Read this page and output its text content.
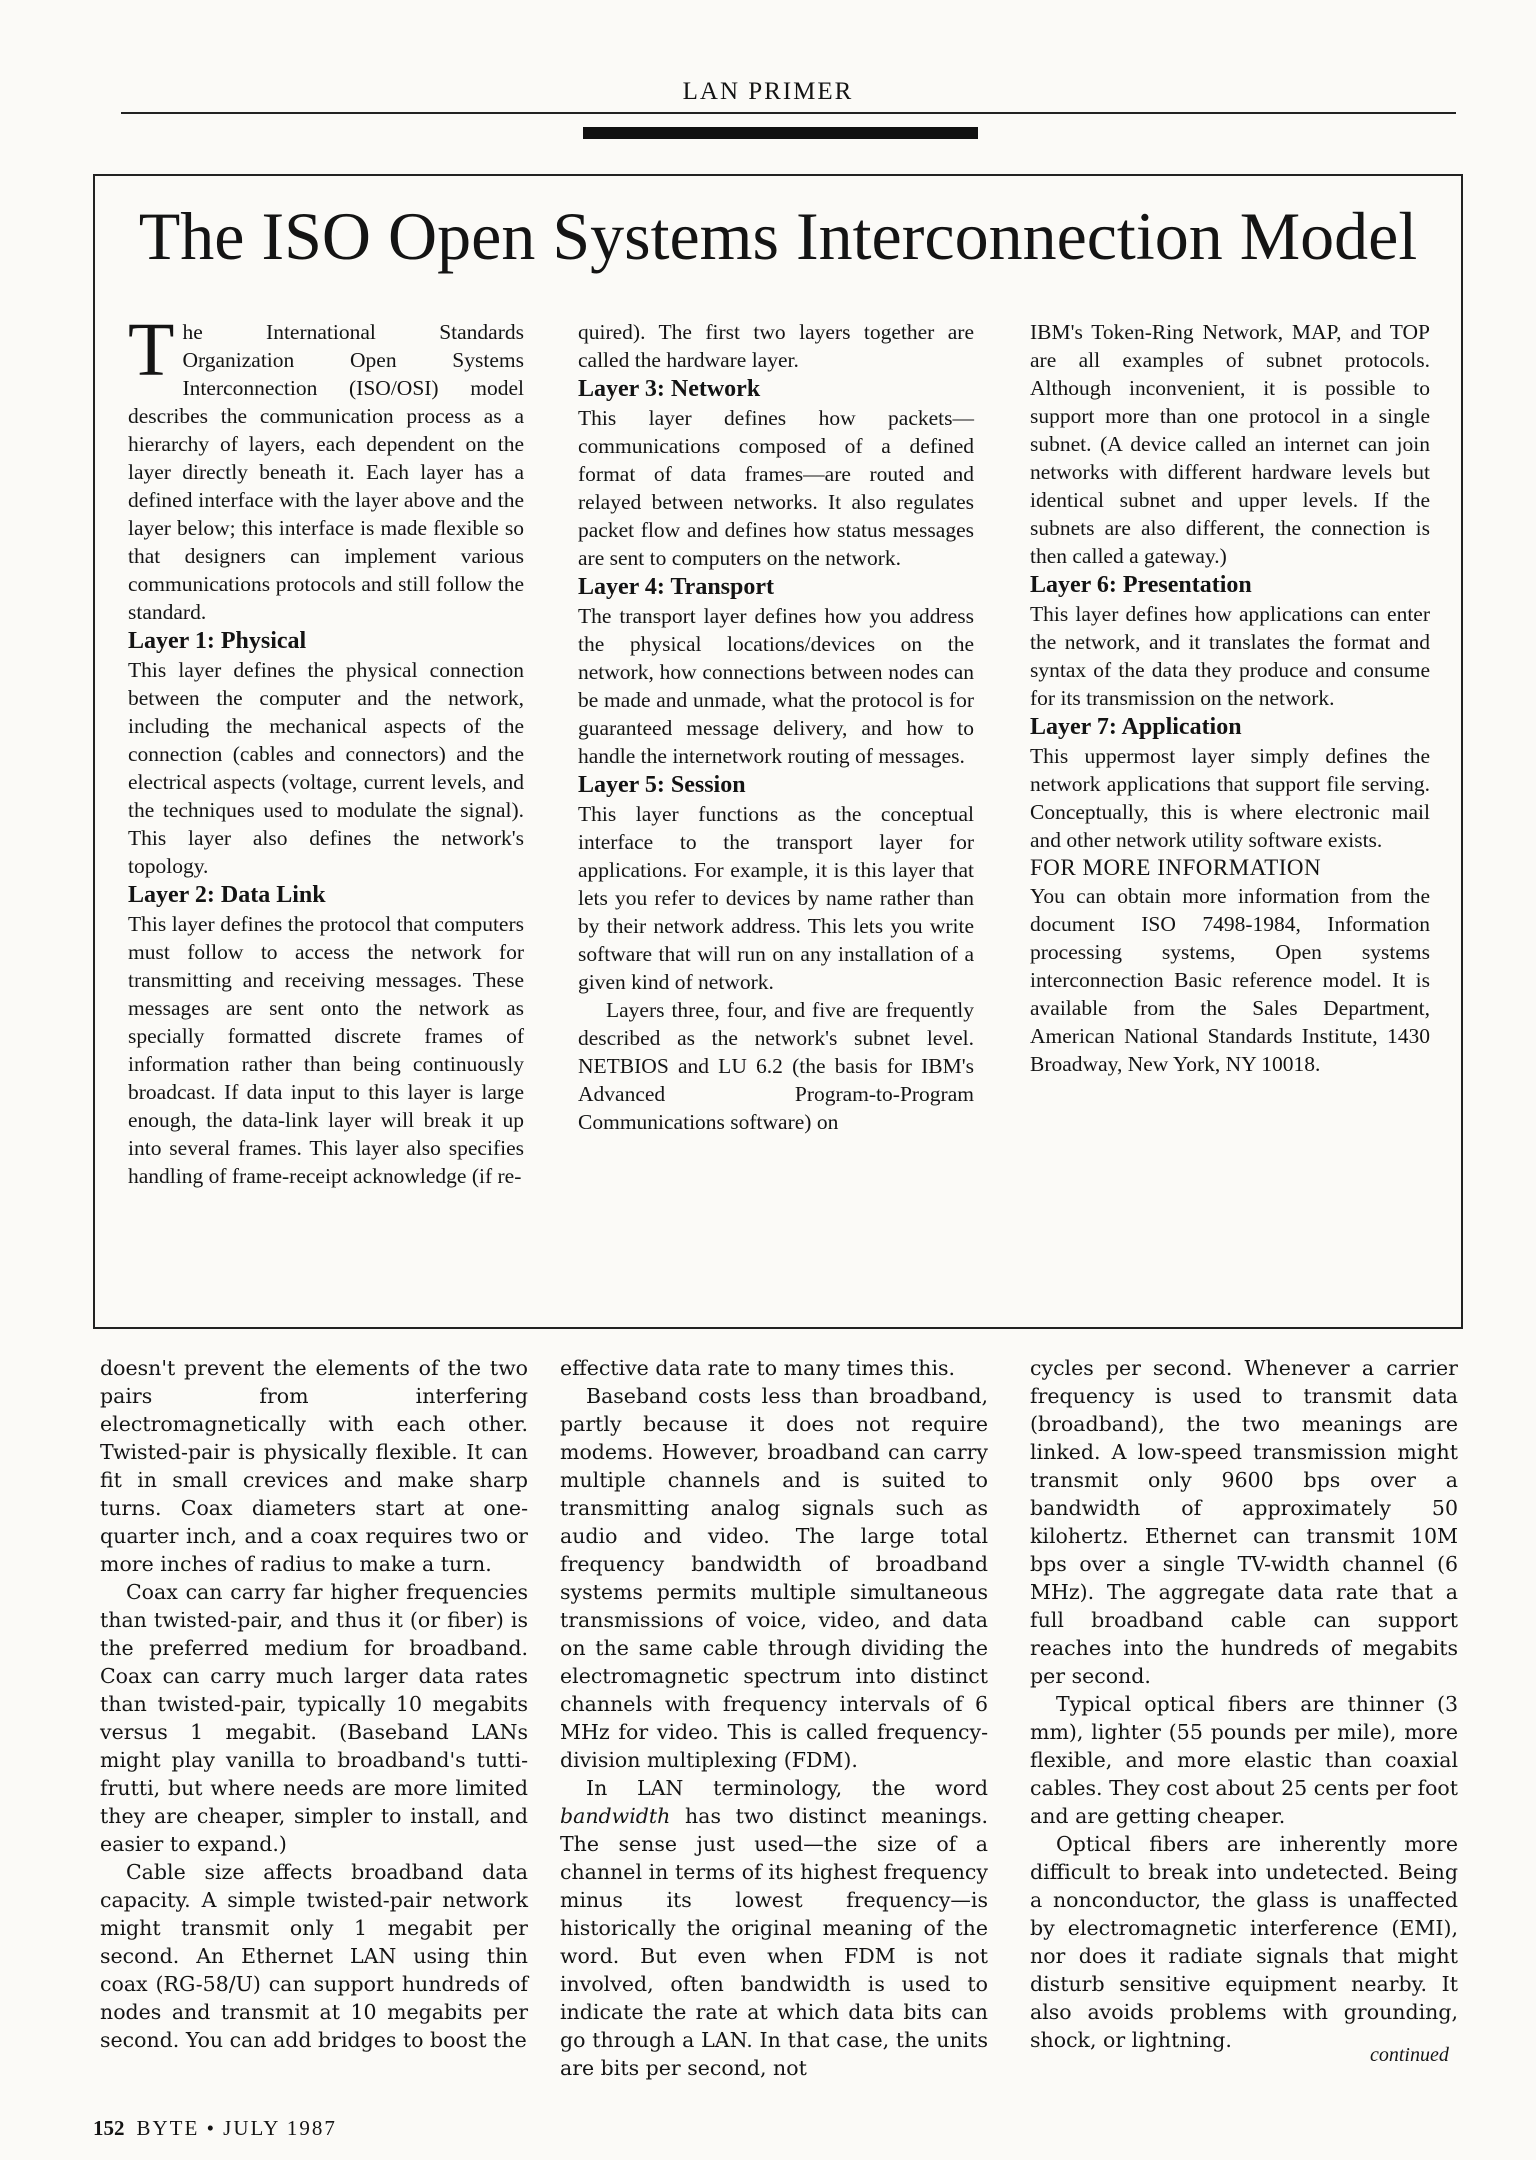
LAN PRIMER
The ISO Open Systems Interconnection Model

The International Standards Organization Open Systems Interconnection (ISO/OSI) model describes the communication process as a hierarchy of layers, each dependent on the layer directly beneath it. Each layer has a defined interface with the layer above and the layer below; this interface is made flexible so that designers can implement various communications protocols and still follow the standard.

Layer 1: Physical

This layer defines the physical connection between the computer and the network, including the mechanical aspects of the connection (cables and connectors) and the electrical aspects (voltage, current levels, and the techniques used to modulate the signal). This layer also defines the network's topology.

Layer 2: Data Link

This layer defines the protocol that computers must follow to access the network for transmitting and receiving messages. These messages are sent onto the network as specially formatted discrete frames of information rather than being continuously broadcast. If data input to this layer is large enough, the data-link layer will break it up into several frames. This layer also specifies handling of frame-receipt acknowledge (if re-

quired). The first two layers together are called the hardware layer.

Layer 3: Network

This layer defines how packets—communications composed of a defined format of data frames—are routed and relayed between networks. It also regulates packet flow and defines how status messages are sent to computers on the network.

Layer 4: Transport

The transport layer defines how you address the physical locations/devices on the network, how connections between nodes can be made and unmade, what the protocol is for guaranteed message delivery, and how to handle the internetwork routing of messages.

Layer 5: Session

This layer functions as the conceptual interface to the transport layer for applications. For example, it is this layer that lets you refer to devices by name rather than by their network address. This lets you write software that will run on any installation of a given kind of network.

Layers three, four, and five are frequently described as the network's subnet level. NETBIOS and LU 6.2 (the basis for IBM's Advanced Program-to-Program Communications software) on

IBM's Token-Ring Network, MAP, and TOP are all examples of subnet protocols. Although inconvenient, it is possible to support more than one protocol in a single subnet. (A device called an internet can join networks with different hardware levels but identical subnet and upper levels. If the subnets are also different, the connection is then called a gateway.)

Layer 6: Presentation

This layer defines how applications can enter the network, and it translates the format and syntax of the data they produce and consume for its transmission on the network.

Layer 7: Application

This uppermost layer simply defines the network applications that support file serving. Conceptually, this is where electronic mail and other network utility software exists.

FOR MORE INFORMATION

You can obtain more information from the document ISO 7498-1984, Information processing systems, Open systems interconnection Basic reference model. It is available from the Sales Department, American National Standards Institute, 1430 Broadway, New York, NY 10018.

doesn't prevent the elements of the two pairs from interfering electromagnetically with each other. Twisted-pair is physically flexible. It can fit in small crevices and make sharp turns. Coax diameters start at one-quarter inch, and a coax requires two or more inches of radius to make a turn.

Coax can carry far higher frequencies than twisted-pair, and thus it (or fiber) is the preferred medium for broadband. Coax can carry much larger data rates than twisted-pair, typically 10 megabits versus 1 megabit. (Baseband LANs might play vanilla to broadband's tutti-frutti, but where needs are more limited they are cheaper, simpler to install, and easier to expand.)

Cable size affects broadband data capacity. A simple twisted-pair network might transmit only 1 megabit per second. An Ethernet LAN using thin coax (RG-58/U) can support hundreds of nodes and transmit at 10 megabits per second. You can add bridges to boost the

effective data rate to many times this.

Baseband costs less than broadband, partly because it does not require modems. However, broadband can carry multiple channels and is suited to transmitting analog signals such as audio and video. The large total frequency bandwidth of broadband systems permits multiple simultaneous transmissions of voice, video, and data on the same cable through dividing the electromagnetic spectrum into distinct channels with frequency intervals of 6 MHz for video. This is called frequency-division multiplexing (FDM).

In LAN terminology, the word bandwidth has two distinct meanings. The sense just used—the size of a channel in terms of its highest frequency minus its lowest frequency—is historically the original meaning of the word. But even when FDM is not involved, often bandwidth is used to indicate the rate at which data bits can go through a LAN. In that case, the units are bits per second, not

cycles per second. Whenever a carrier frequency is used to transmit data (broadband), the two meanings are linked. A low-speed transmission might transmit only 9600 bps over a bandwidth of approximately 50 kilohertz. Ethernet can transmit 10M bps over a single TV-width channel (6 MHz). The aggregate data rate that a full broadband cable can support reaches into the hundreds of megabits per second.

Typical optical fibers are thinner (3 mm), lighter (55 pounds per mile), more flexible, and more elastic than coaxial cables. They cost about 25 cents per foot and are getting cheaper.

Optical fibers are inherently more difficult to break into undetected. Being a nonconductor, the glass is unaffected by electromagnetic interference (EMI), nor does it radiate signals that might disturb sensitive equipment nearby. It also avoids problems with grounding, shock, or lightning.

continued
152 BYTE • JULY 1987
